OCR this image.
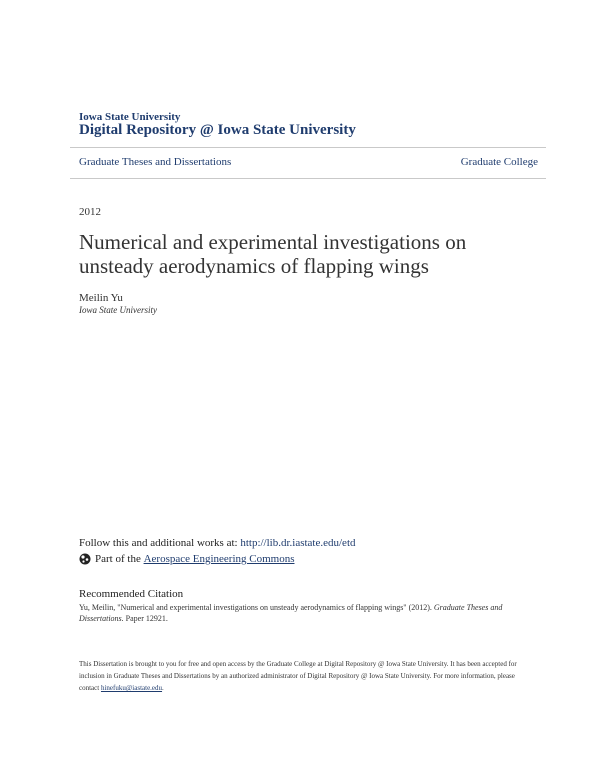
Iowa State University
Digital Repository @ Iowa State University
Graduate Theses and Dissertations	Graduate College
2012
Numerical and experimental investigations on unsteady aerodynamics of flapping wings
Meilin Yu
Iowa State University
Follow this and additional works at: http://lib.dr.iastate.edu/etd
Part of the
Aerospace Engineering Commons
Recommended Citation
Yu, Meilin, "Numerical and experimental investigations on unsteady aerodynamics of flapping wings" (2012). Graduate Theses and Dissertations. Paper 12921.
This Dissertation is brought to you for free and open access by the Graduate College at Digital Repository @ Iowa State University. It has been accepted for inclusion in Graduate Theses and Dissertations by an authorized administrator of Digital Repository @ Iowa State University. For more information, please contact hinefuku@iastate.edu.
